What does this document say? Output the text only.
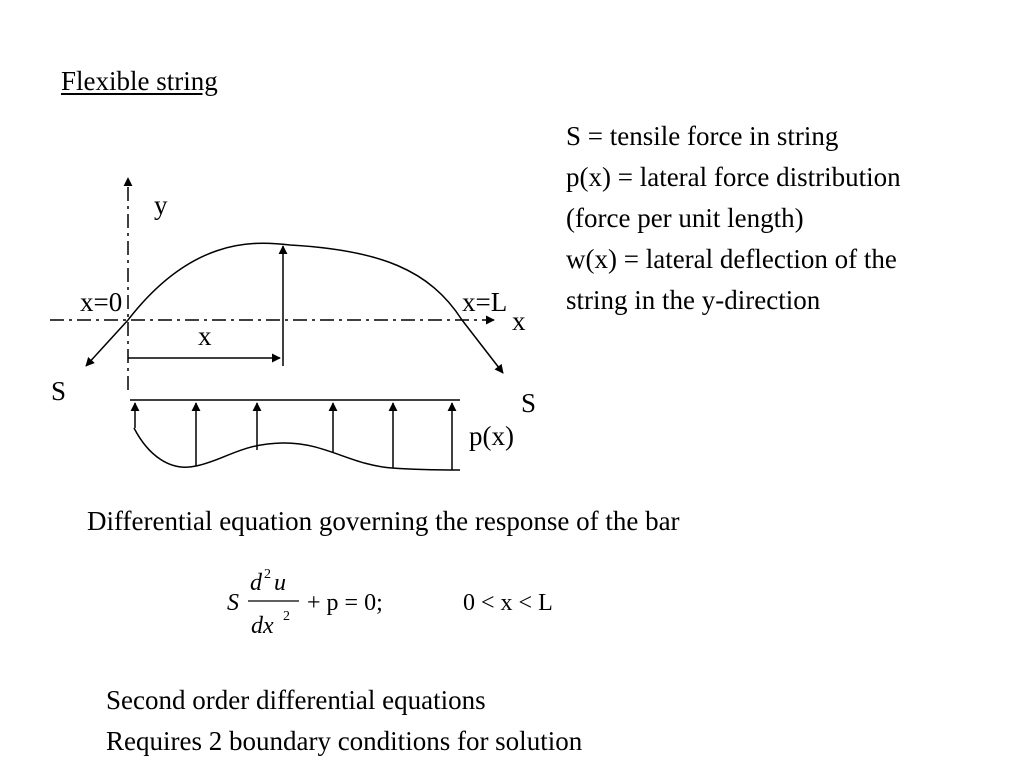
Flexible string
S = tensile force in string
p(x) = lateral force distribution
(force per unit length)
w(x) = lateral deflection of the
string in the y-direction
y
x
S	S
x=0	x=L
x
p(x)
Differential equation governing the response of the bar
S
d 2 u
dx 2
+ p = 0;	0 < x < L
Second order differential equations
Requires 2 boundary conditions for solution
